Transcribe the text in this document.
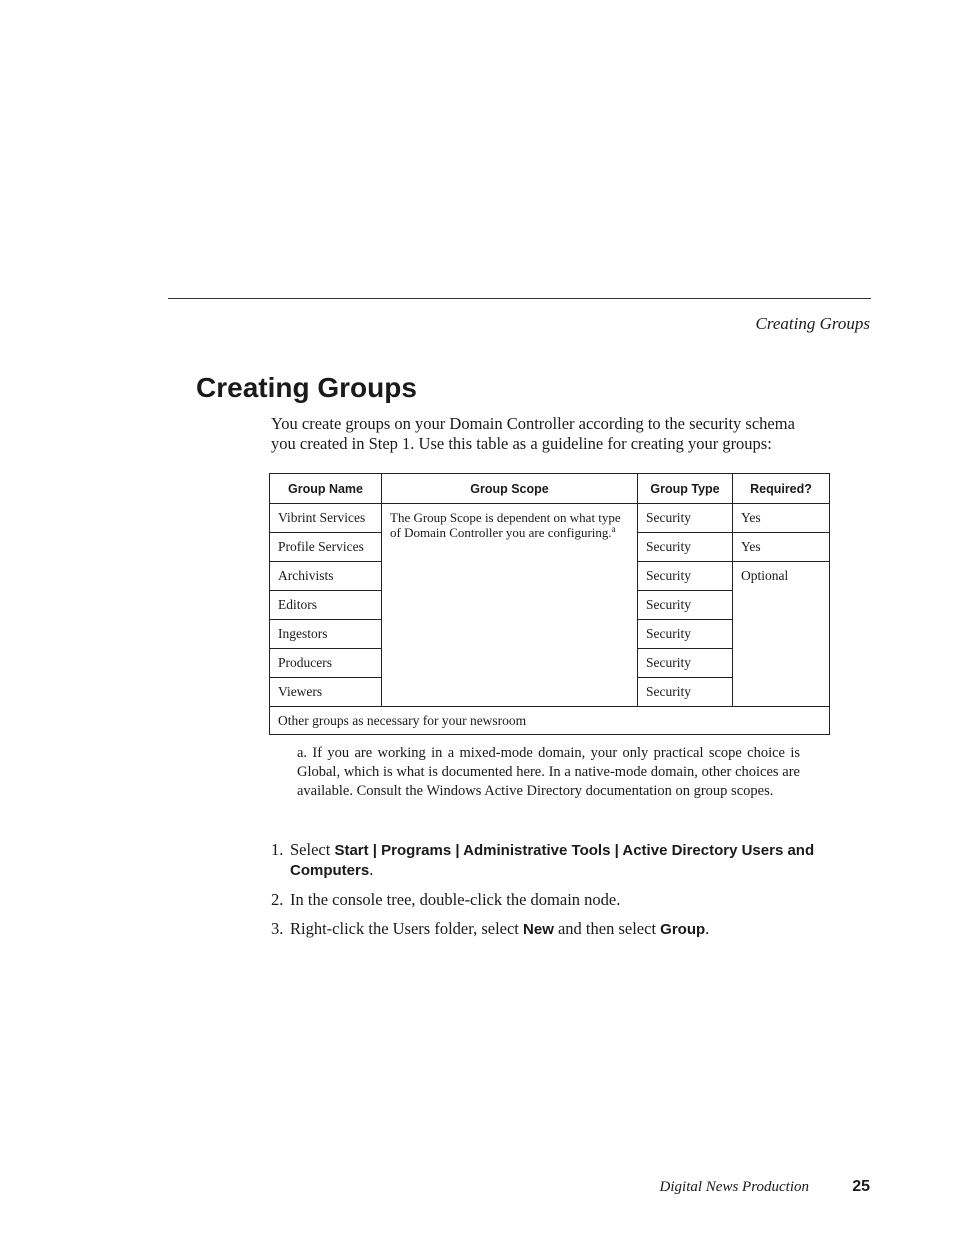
Creating Groups
Creating Groups

You create groups on your Domain Controller according to the security schema you created in Step 1. Use this table as a guideline for creating your groups:

Group Name	Group Scope	Group Type	Required?
Vibrint Services	The Group Scope is dependent on what type of Domain Controller you are configuring.$^a$	Security	Yes
Profile Services		Security	Yes
Archivists		Security	Optional
Editors		Security	
Ingestors		Security	
Producers		Security	
Viewers		Security	
Other groups as necessary for your newsroom			

a. If you are working in a mixed-mode domain, your only practical scope choice is Global, which is what is documented here. In a native-mode domain, other choices are available. Consult the Windows Active Directory documentation on group scopes.

1. Select Start | Programs | Administrative Tools | Active Directory Users and Computers.
2. In the console tree, double-click the domain node.
3. Right-click the Users folder, select New and then select Group.
Digital News Production	25
